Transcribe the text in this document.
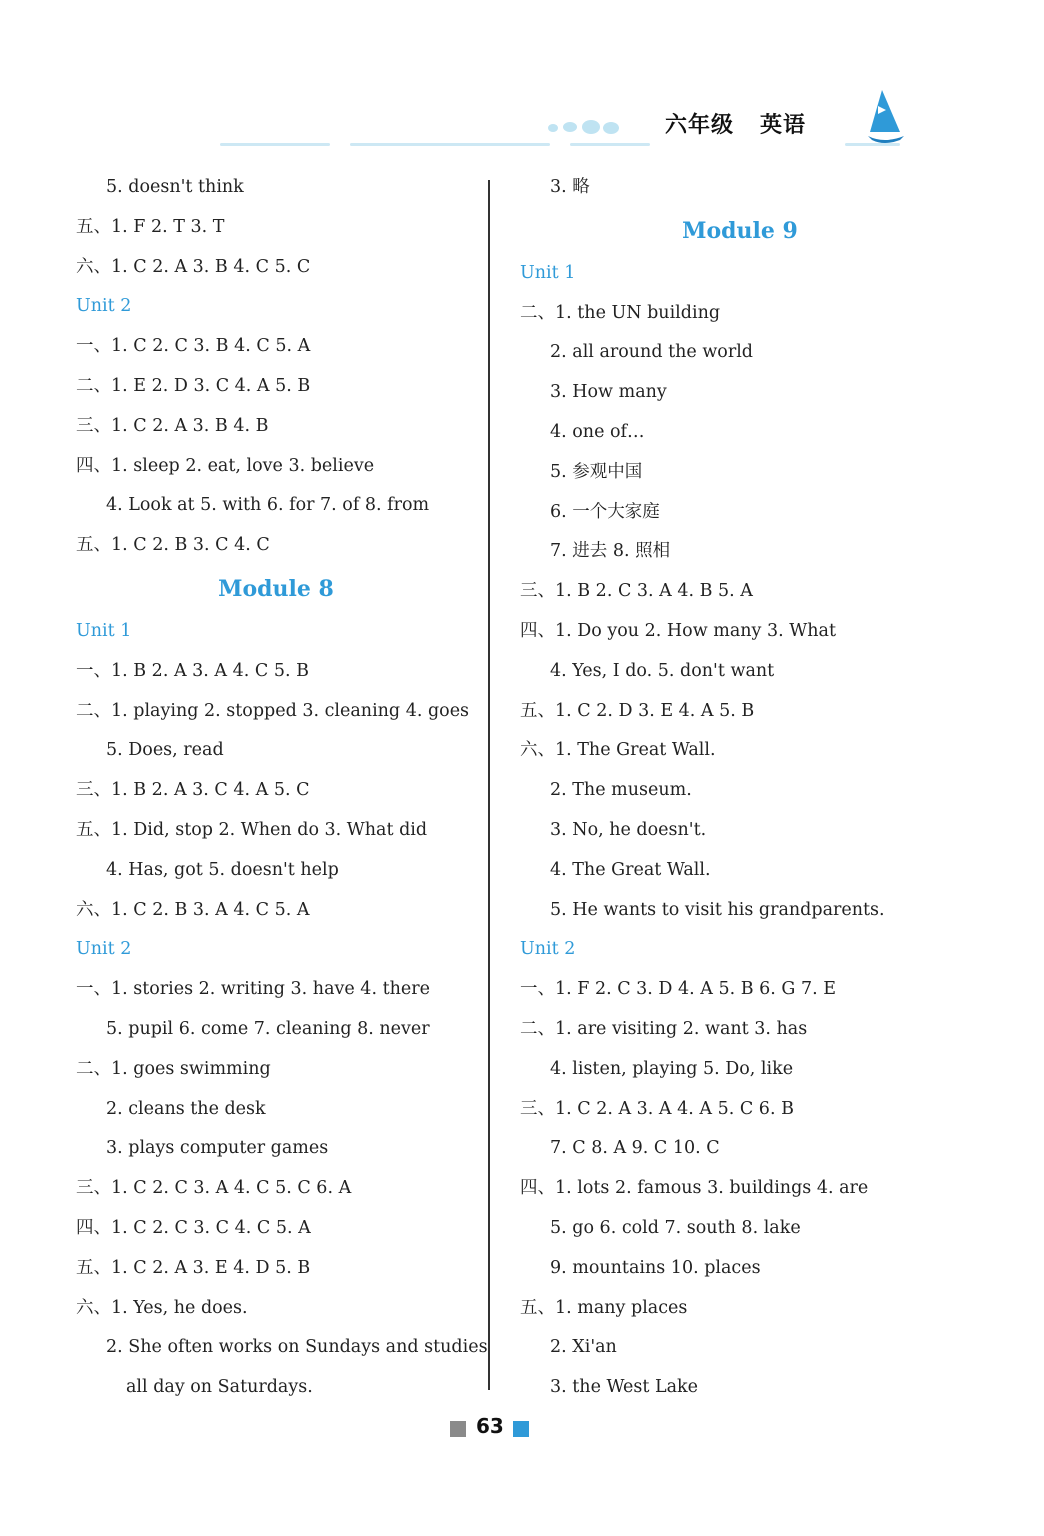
六年级 英语
5. doesn't think
五、1. F 2. T 3. T
六、1. C 2. A 3. B 4. C 5. C
Unit 2
一、1. C 2. C 3. B 4. C 5. A
二、1. E 2. D 3. C 4. A 5. B
三、1. C 2. A 3. B 4. B
四、1. sleep 2. eat, love 3. believe
4. Look at 5. with 6. for 7. of 8. from
五、1. C 2. B 3. C 4. C
Module 8
Unit 1
一、1. B 2. A 3. A 4. C 5. B
二、1. playing 2. stopped 3. cleaning 4. goes
5. Does, read
三、1. B 2. A 3. C 4. A 5. C
五、1. Did, stop 2. When do 3. What did
4. Has, got 5. doesn't help
六、1. C 2. B 3. A 4. C 5. A
Unit 2
一、1. stories 2. writing 3. have 4. there
5. pupil 6. come 7. cleaning 8. never
二、1. goes swimming
2. cleans the desk
3. plays computer games
三、1. C 2. C 3. A 4. C 5. C 6. A
四、1. C 2. C 3. C 4. C 5. A
五、1. C 2. A 3. E 4. D 5. B
六、1. Yes, he does.
2. She often works on Sundays and studies
all day on Saturdays.
3. 略
Module 9
Unit 1
二、1. the UN building
2. all around the world
3. How many
4. one of…
5. 参观中国
6. 一个大家庭
7. 进去 8. 照相
三、1. B 2. C 3. A 4. B 5. A
四、1. Do you 2. How many 3. What
4. Yes, I do. 5. don't want
五、1. C 2. D 3. E 4. A 5. B
六、1. The Great Wall.
2. The museum.
3. No, he doesn't.
4. The Great Wall.
5. He wants to visit his grandparents.
Unit 2
一、1. F 2. C 3. D 4. A 5. B 6. G 7. E
二、1. are visiting 2. want 3. has
4. listen, playing 5. Do, like
三、1. C 2. A 3. A 4. A 5. C 6. B
7. C 8. A 9. C 10. C
四、1. lots 2. famous 3. buildings 4. are
5. go 6. cold 7. south 8. lake
9. mountains 10. places
五、1. many places
2. Xi'an
3. the West Lake
63
